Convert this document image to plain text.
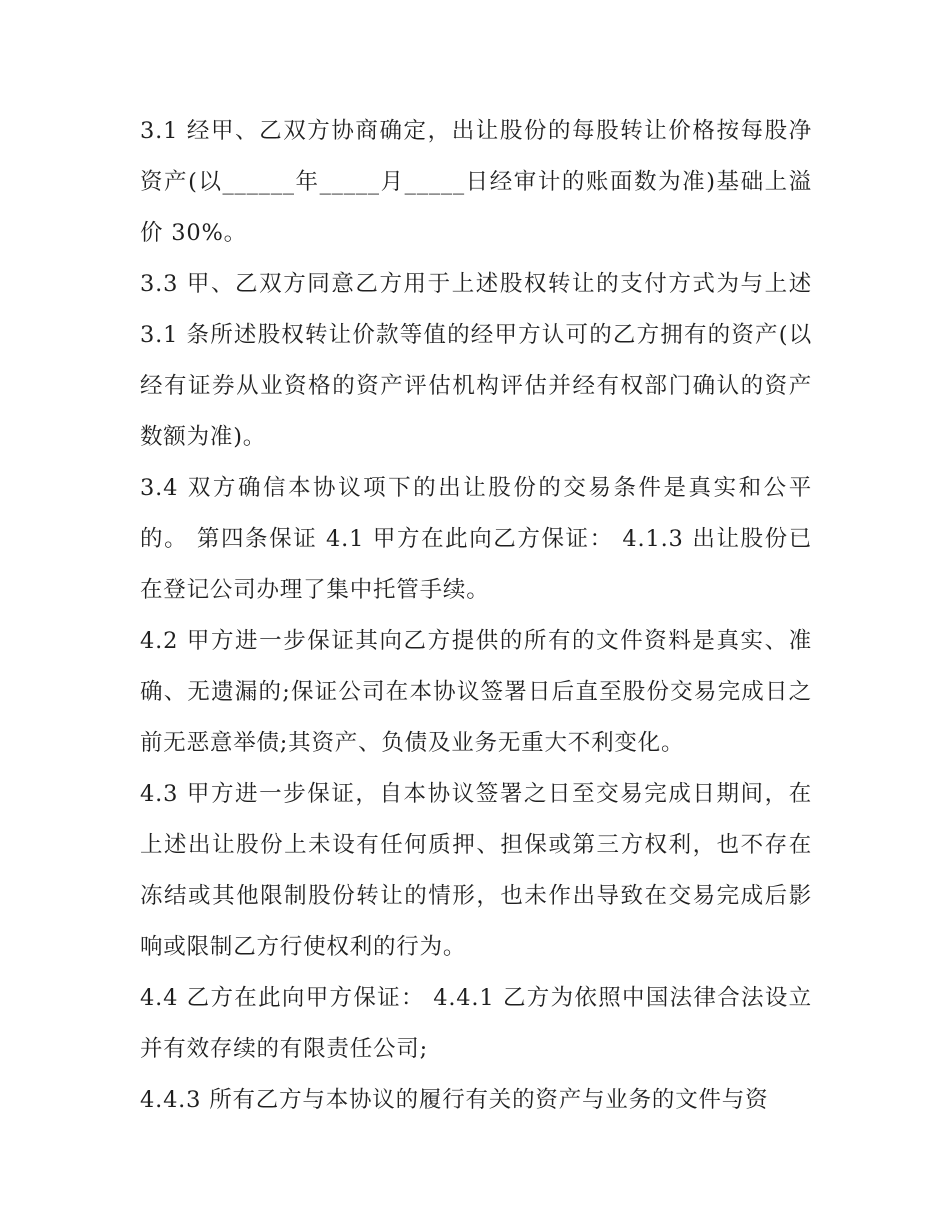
3.1 经甲、乙双方协商确定，出让股份的每股转让价格按每股净资产(以______年_____月_____日经审计的账面数为准)基础上溢价 30%。

3.3 甲、乙双方同意乙方用于上述股权转让的支付方式为与上述 3.1 条所述股权转让价款等值的经甲方认可的乙方拥有的资产(以经有证券从业资格的资产评估机构评估并经有权部门确认的资产数额为准)。

3.4 双方确信本协议项下的出让股份的交易条件是真实和公平的。 第四条保证 4.1 甲方在此向乙方保证： 4.1.3 出让股份已在登记公司办理了集中托管手续。

4.2 甲方进一步保证其向乙方提供的所有的文件资料是真实、准确、无遗漏的;保证公司在本协议签署日后直至股份交易完成日之前无恶意举债;其资产、负债及业务无重大不利变化。

4.3 甲方进一步保证，自本协议签署之日至交易完成日期间，在上述出让股份上未设有任何质押、担保或第三方权利，也不存在冻结或其他限制股份转让的情形，也未作出导致在交易完成后影响或限制乙方行使权利的行为。

4.4 乙方在此向甲方保证： 4.4.1 乙方为依照中国法律合法设立并有效存续的有限责任公司;

4.4.3 所有乙方与本协议的履行有关的资产与业务的文件与资
